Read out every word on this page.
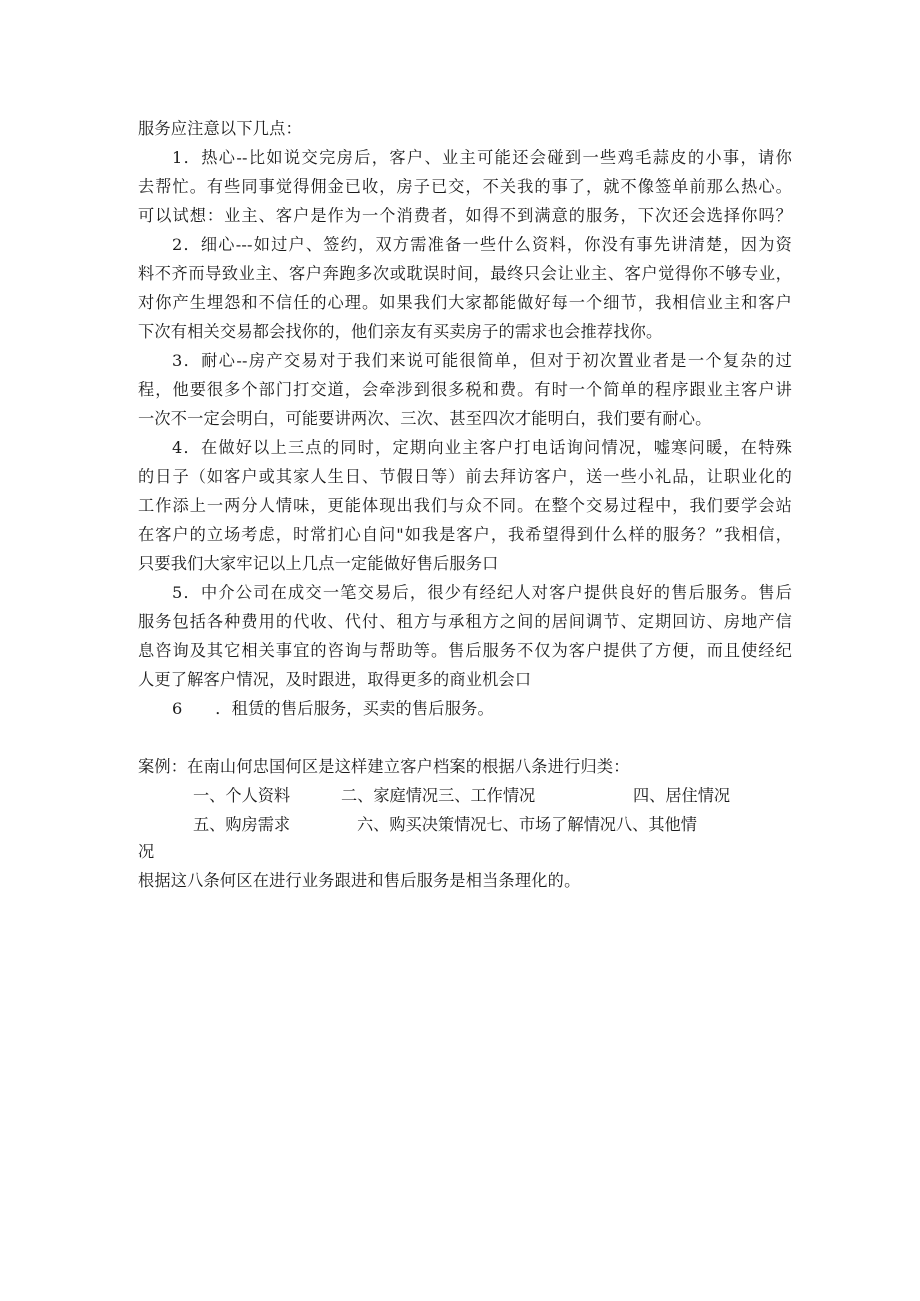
服务应注意以下几点：
1．热心--比如说交完房后，客户、业主可能还会碰到一些鸡毛蒜皮的小事，请你
去帮忙。有些同事觉得佣金已收，房子已交，不关我的事了，就不像签单前那么热心。
可以试想：业主、客户是作为一个消费者，如得不到满意的服务，下次还会选择你吗？
2．细心---如过户、签约，双方需准备一些什么资料，你没有事先讲清楚，因为资
料不齐而导致业主、客户奔跑多次或耽误时间，最终只会让业主、客户觉得你不够专业，
对你产生埋怨和不信任的心理。如果我们大家都能做好每一个细节，我相信业主和客户
下次有相关交易都会找你的，他们亲友有买卖房子的需求也会推荐找你。
3．耐心--房产交易对于我们来说可能很简单，但对于初次置业者是一个复杂的过
程，他要很多个部门打交道，会牵涉到很多税和费。有时一个简单的程序跟业主客户讲
一次不一定会明白，可能要讲两次、三次、甚至四次才能明白，我们要有耐心。
4．在做好以上三点的同时，定期向业主客户打电话询问情况，嘘寒问暖，在特殊
的日子（如客户或其家人生日、节假日等）前去拜访客户，送一些小礼品，让职业化的
工作添上一两分人情味，更能体现出我们与众不同。在整个交易过程中，我们要学会站
在客户的立场考虑，时常扪心自问"如我是客户，我希望得到什么样的服务？”我相信，
只要我们大家牢记以上几点一定能做好售后服务口
5．中介公司在成交一笔交易后，很少有经纪人对客户提供良好的售后服务。售后
服务包括各种费用的代收、代付、租方与承租方之间的居间调节、定期回访、房地产信
息咨询及其它相关事宜的咨询与帮助等。售后服务不仅为客户提供了方便，而且使经纪
人更了解客户情况，及时跟进，取得更多的商业机会口
6　　．租赁的售后服务，买卖的售后服务。
案例：在南山何忠国何区是这样建立客户档案的根据八条进行归类：
一、个人资料	二、家庭情况三、工作情况	四、居住情况
五、购房需求	六、购买决策情况七、市场了解情况八、其他情
况
根据这八条何区在进行业务跟进和售后服务是相当条理化的。
